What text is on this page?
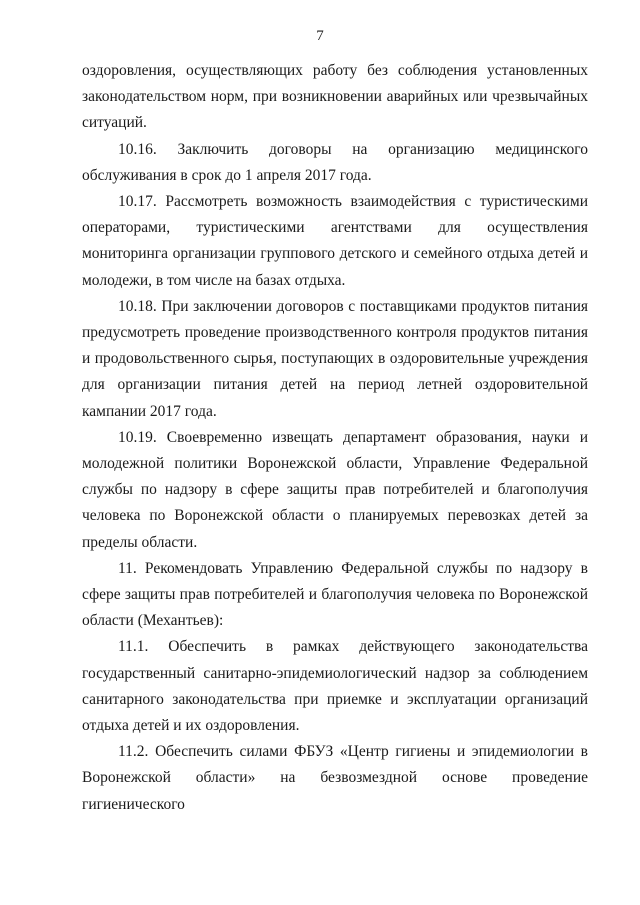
7

оздоровления, осуществляющих работу без соблюдения установленных законодательством норм, при возникновении аварийных или чрезвычайных ситуаций.

10.16. Заключить договоры на организацию медицинского обслуживания в срок до 1 апреля 2017 года.

10.17. Рассмотреть возможность взаимодействия с туристическими операторами, туристическими агентствами для осуществления мониторинга организации группового детского и семейного отдыха детей и молодежи, в том числе на базах отдыха.

10.18. При заключении договоров с поставщиками продуктов питания предусмотреть проведение производственного контроля продуктов питания и продовольственного сырья, поступающих в оздоровительные учреждения для организации питания детей на период летней оздоровительной кампании 2017 года.

10.19. Своевременно извещать департамент образования, науки и молодежной политики Воронежской области, Управление Федеральной службы по надзору в сфере защиты прав потребителей и благополучия человека по Воронежской области о планируемых перевозках детей за пределы области.

11. Рекомендовать Управлению Федеральной службы по надзору в сфере защиты прав потребителей и благополучия человека по Воронежской области (Механтьев):

11.1. Обеспечить в рамках действующего законодательства государственный санитарно-эпидемиологический надзор за соблюдением санитарного законодательства при приемке и эксплуатации организаций отдыха детей и их оздоровления.

11.2. Обеспечить силами ФБУЗ «Центр гигиены и эпидемиологии в Воронежской области» на безвозмездной основе проведение гигиенического
